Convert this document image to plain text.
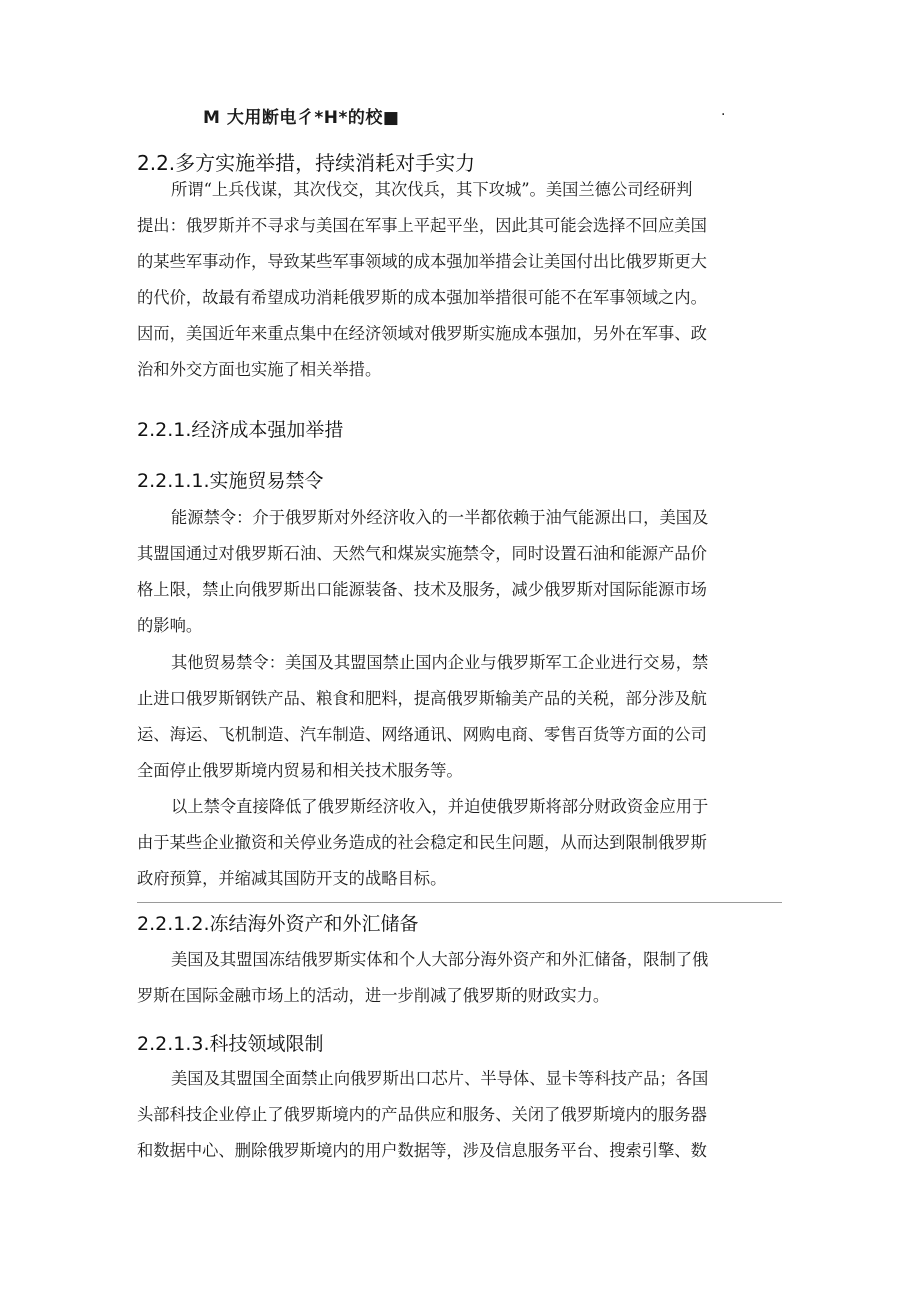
M 大用断电彳*H*的校■	.
2.2.多方实施举措，持续消耗对手实力
所谓“上兵伐谋，其次伐交，其次伐兵，其下攻城”。美国兰德公司经研判
提出：俄罗斯并不寻求与美国在军事上平起平坐，因此其可能会选择不回应美国
的某些军事动作，导致某些军事领域的成本强加举措会让美国付出比俄罗斯更大
的代价，故最有希望成功消耗俄罗斯的成本强加举措很可能不在军事领域之内。
因而，美国近年来重点集中在经济领域对俄罗斯实施成本强加，另外在军事、政
治和外交方面也实施了相关举措。
2.2.1.经济成本强加举措
2.2.1.1.实施贸易禁令
能源禁令：介于俄罗斯对外经济收入的一半都依赖于油气能源出口，美国及
其盟国通过对俄罗斯石油、天然气和煤炭实施禁令，同时设置石油和能源产品价
格上限，禁止向俄罗斯出口能源装备、技术及服务，减少俄罗斯对国际能源市场
的影响。
其他贸易禁令：美国及其盟国禁止国内企业与俄罗斯军工企业进行交易，禁
止进口俄罗斯钢铁产品、粮食和肥料，提高俄罗斯输美产品的关税，部分涉及航
运、海运、飞机制造、汽车制造、网络通讯、网购电商、零售百货等方面的公司
全面停止俄罗斯境内贸易和相关技术服务等。
以上禁令直接降低了俄罗斯经济收入，并迫使俄罗斯将部分财政资金应用于
由于某些企业撤资和关停业务造成的社会稳定和民生问题，从而达到限制俄罗斯
政府预算，并缩减其国防开支的战略目标。
2.2.1.2.冻结海外资产和外汇储备
美国及其盟国冻结俄罗斯实体和个人大部分海外资产和外汇储备，限制了俄
罗斯在国际金融市场上的活动，进一步削减了俄罗斯的财政实力。
2.2.1.3.科技领域限制
美国及其盟国全面禁止向俄罗斯出口芯片、半导体、显卡等科技产品；各国
头部科技企业停止了俄罗斯境内的产品供应和服务、关闭了俄罗斯境内的服务器
和数据中心、删除俄罗斯境内的用户数据等，涉及信息服务平台、搜索引擎、数
